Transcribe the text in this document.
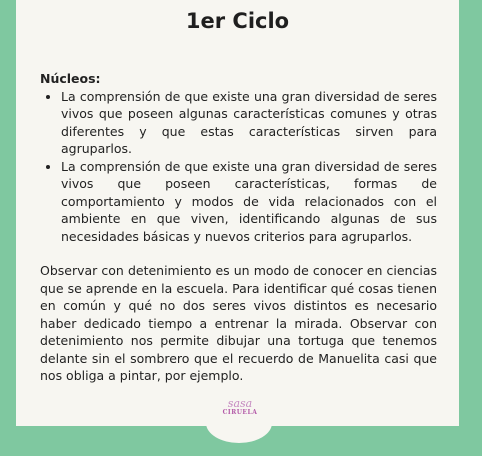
1er Ciclo

Núcleos:

• La comprensión de que existe una gran diversidad de seres vivos que poseen algunas características comunes y otras diferentes y que estas características sirven para agruparlos.
• La comprensión de que existe una gran diversidad de seres vivos que poseen características, formas de comportamiento y modos de vida relacionados con el ambiente en que viven, identificando algunas de sus necesidades básicas y nuevos criterios para agruparlos.
Observar con detenimiento es un modo de conocer en ciencias que se aprende en la escuela. Para identificar qué cosas tienen en común y qué no dos seres vivos distintos es necesario haber dedicado tiempo a entrenar la mirada. Observar con detenimiento nos permite dibujar una tortuga que tenemos delante sin el sombrero que el recuerdo de Manuelita casi que nos obliga a pintar, por ejemplo.
sasa
CIRUELA
